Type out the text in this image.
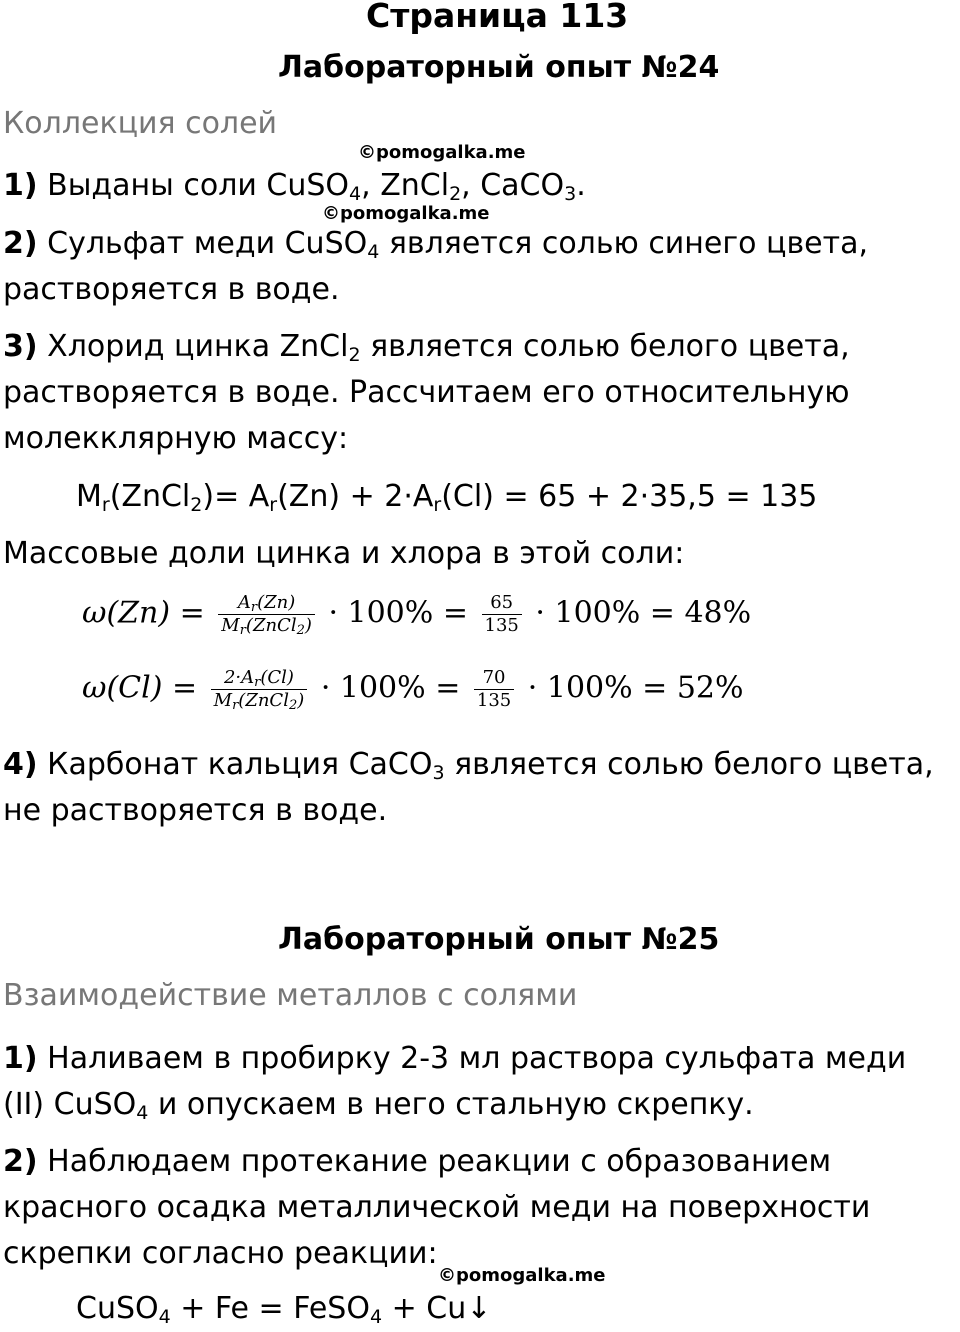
Страница 113
Лабораторный опыт №24
Коллекция солей
©pomogalka.me
1) Выданы соли CuSO$_4$, ZnCl$_2$, CaCO$_3$.
©pomogalka.me
2) Сульфат меди CuSO$_4$ является солью синего цвета, растворяется в воде.
3) Хлорид цинка ZnCl$_2$ является солью белого цвета, растворяется в воде. Рассчитаем его относительную молекклярную массу:
$M_r(ZnCl_2)= A_r(Zn) + 2\cdot A_r(Cl) = 65 + 2\cdot 35,5 = 135$
Массовые доли цинка и хлора в этой соли:
$\omega(Zn) = \frac{A_r(Zn)}{M_r(ZnCl_2)} \cdot 100\% = \frac{65}{135} \cdot 100\% = 48\%$
$\omega(Cl) = \frac{2\cdot A_r(Cl)}{M_r(ZnCl_2)} \cdot 100\% = \frac{70}{135} \cdot 100\% = 52\%$
4) Карбонат кальция CaCO$_3$ является солью белого цвета, не растворяется в воде.
Лабораторный опыт №25
Взаимодействие металлов с солями
1) Наливаем в пробирку 2-3 мл раствора сульфата меди (II) CuSO$_4$ и опускаем в него стальную скрепку.
2) Наблюдаем протекание реакции с образованием красного осадка металлической меди на поверхности скрепки согласно реакции:
©pomogalka.me
CuSO$_4$ + Fe = FeSO$_4$ + Cu↓
